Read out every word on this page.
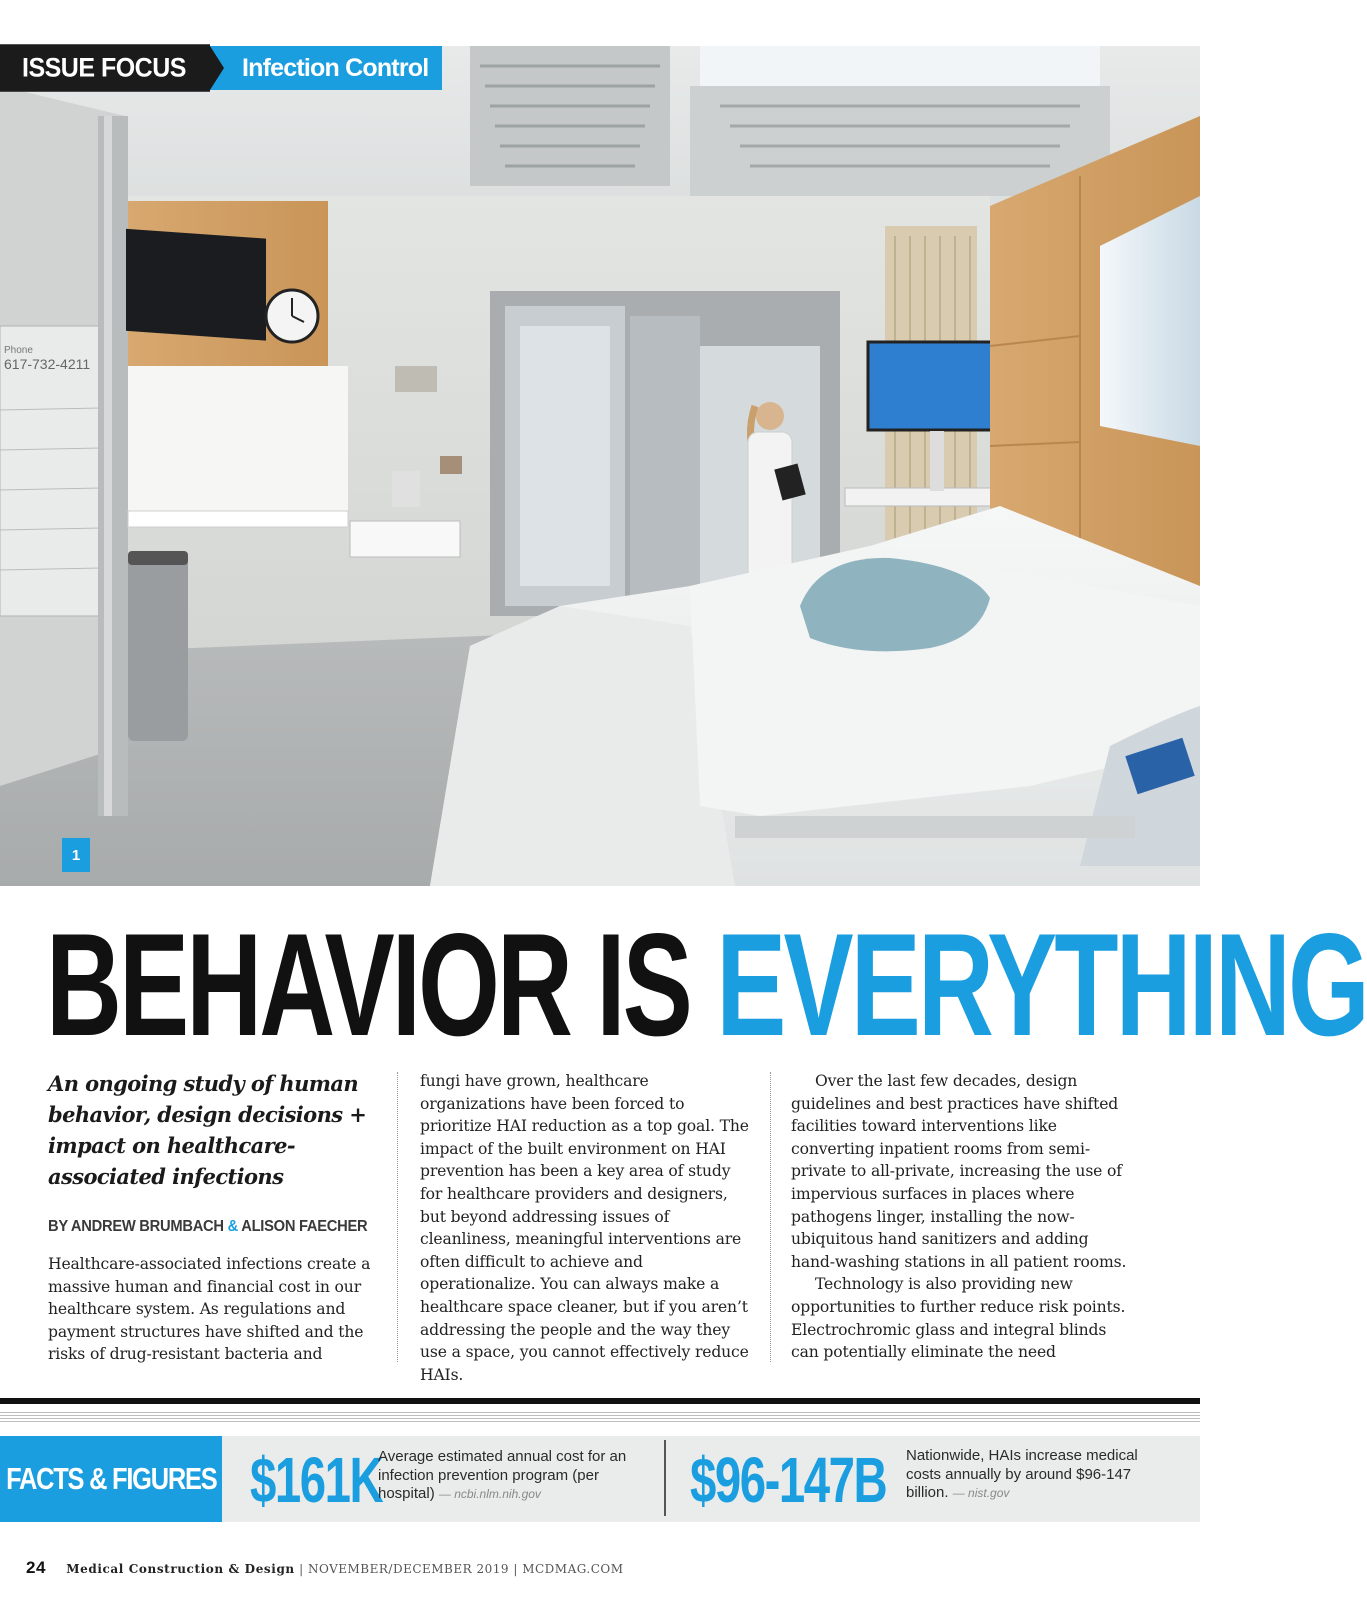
Phone
617-732-4211
ISSUE FOCUS	Infection Control
1
BEHAVIOR IS EVERYTHING

An ongoing study of human behavior, design decisions + impact on healthcare-associated infections

BY ANDREW BRUMBACH & ALISON FAECHER

Healthcare-associated infections create a massive human and financial cost in our healthcare system. As regulations and payment structures have shifted and the risks of drug-resistant bacteria and

fungi have grown, healthcare organizations have been forced to prioritize HAI reduction as a top goal. The impact of the built environment on HAI prevention has been a key area of study for healthcare providers and designers, but beyond addressing issues of cleanliness, meaningful interventions are often difficult to achieve and operationalize. You can always make a healthcare space cleaner, but if you aren’t addressing the people and the way they use a space, you cannot effectively reduce HAIs.

Over the last few decades, design guidelines and best practices have shifted facilities toward interventions like converting inpatient rooms from semi-private to all-private, increasing the use of impervious surfaces in places where pathogens linger, installing the now-ubiquitous hand sanitizers and adding hand-washing stations in all patient rooms.

Technology is also providing new opportunities to further reduce risk points. Electrochromic glass and integral blinds can potentially eliminate the need

FACTS & FIGURES $161K
Average estimated annual cost for an infection prevention program (per hospital) — ncbi.nlm.nih.gov	$96-147B Nationwide, HAIs increase medical costs annually by around $96-147 billion. — nist.gov
24 Medical Construction & Design | NOVEMBER/DECEMBER 2019 | MCDMAG.COM
